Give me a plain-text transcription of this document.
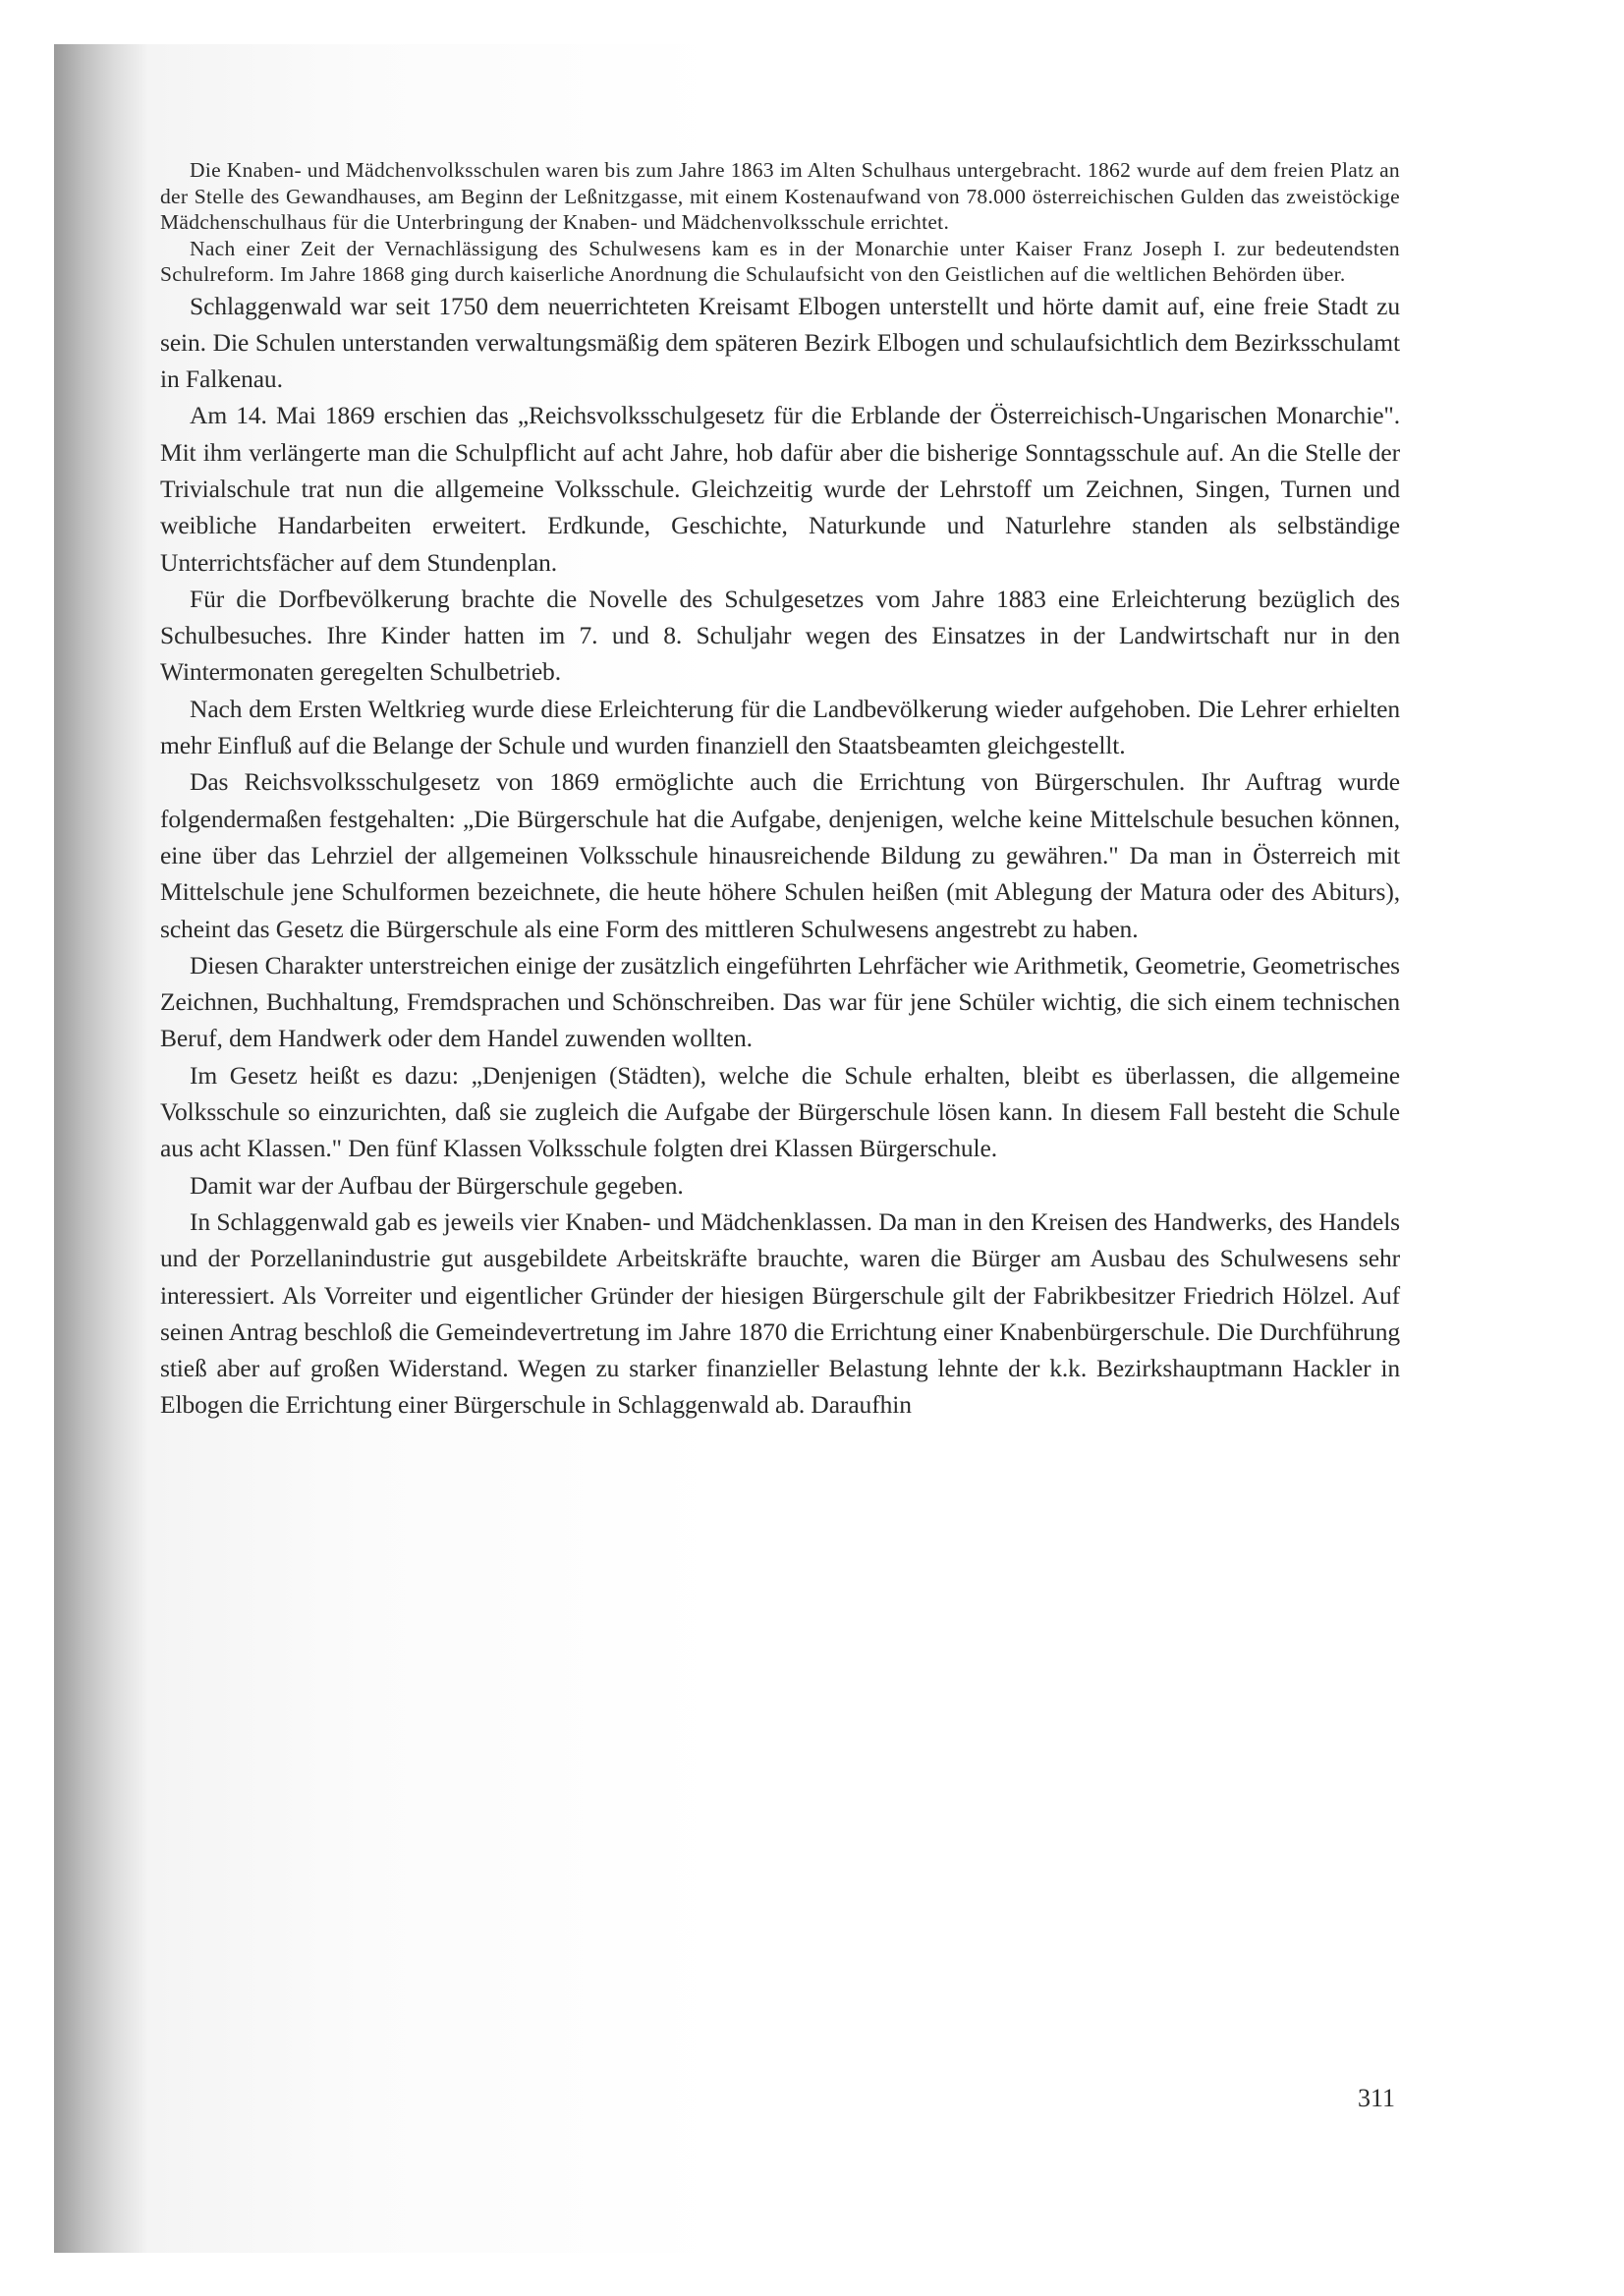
Die Knaben- und Mädchenvolksschulen waren bis zum Jahre 1863 im Alten Schulhaus untergebracht. 1862 wurde auf dem freien Platz an der Stelle des Gewandhauses, am Beginn der Leßnitzgasse, mit einem Kostenaufwand von 78.000 österreichischen Gulden das zweistöckige Mädchenschulhaus für die Unterbringung der Knaben- und Mädchenvolksschule errichtet.

Nach einer Zeit der Vernachlässigung des Schulwesens kam es in der Monarchie unter Kaiser Franz Joseph I. zur bedeutendsten Schulreform. Im Jahre 1868 ging durch kaiserliche Anordnung die Schulaufsicht von den Geistlichen auf die weltlichen Behörden über.

Schlaggenwald war seit 1750 dem neuerrichteten Kreisamt Elbogen unterstellt und hörte damit auf, eine freie Stadt zu sein. Die Schulen unterstanden verwaltungsmäßig dem späteren Bezirk Elbogen und schulaufsichtlich dem Bezirksschulamt in Falkenau.

Am 14. Mai 1869 erschien das „Reichsvolksschulgesetz für die Erblande der Österreichisch-Ungarischen Monarchie". Mit ihm verlängerte man die Schulpflicht auf acht Jahre, hob dafür aber die bisherige Sonntagsschule auf. An die Stelle der Trivialschule trat nun die allgemeine Volksschule. Gleichzeitig wurde der Lehrstoff um Zeichnen, Singen, Turnen und weibliche Handarbeiten erweitert. Erdkunde, Geschichte, Naturkunde und Naturlehre standen als selbständige Unterrichtsfächer auf dem Stundenplan.

Für die Dorfbevölkerung brachte die Novelle des Schulgesetzes vom Jahre 1883 eine Erleichterung bezüglich des Schulbesuches. Ihre Kinder hatten im 7. und 8. Schuljahr wegen des Einsatzes in der Landwirtschaft nur in den Wintermonaten geregelten Schulbetrieb.

Nach dem Ersten Weltkrieg wurde diese Erleichterung für die Landbevölkerung wieder aufgehoben. Die Lehrer erhielten mehr Einfluß auf die Belange der Schule und wurden finanziell den Staatsbeamten gleichgestellt.

Das Reichsvolksschulgesetz von 1869 ermöglichte auch die Errichtung von Bürgerschulen. Ihr Auftrag wurde folgendermaßen festgehalten: „Die Bürgerschule hat die Aufgabe, denjenigen, welche keine Mittelschule besuchen können, eine über das Lehrziel der allgemeinen Volksschule hinausreichende Bildung zu gewähren." Da man in Österreich mit Mittelschule jene Schulformen bezeichnete, die heute höhere Schulen heißen (mit Ablegung der Matura oder des Abiturs), scheint das Gesetz die Bürgerschule als eine Form des mittleren Schulwesens angestrebt zu haben.

Diesen Charakter unterstreichen einige der zusätzlich eingeführten Lehrfächer wie Arithmetik, Geometrie, Geometrisches Zeichnen, Buchhaltung, Fremdsprachen und Schönschreiben. Das war für jene Schüler wichtig, die sich einem technischen Beruf, dem Handwerk oder dem Handel zuwenden wollten.

Im Gesetz heißt es dazu: „Denjenigen (Städten), welche die Schule erhalten, bleibt es überlassen, die allgemeine Volksschule so einzurichten, daß sie zugleich die Aufgabe der Bürgerschule lösen kann. In diesem Fall besteht die Schule aus acht Klassen." Den fünf Klassen Volksschule folgten drei Klassen Bürgerschule.

Damit war der Aufbau der Bürgerschule gegeben.

In Schlaggenwald gab es jeweils vier Knaben- und Mädchenklassen. Da man in den Kreisen des Handwerks, des Handels und der Porzellanindustrie gut ausgebildete Arbeitskräfte brauchte, waren die Bürger am Ausbau des Schulwesens sehr interessiert. Als Vorreiter und eigentlicher Gründer der hiesigen Bürgerschule gilt der Fabrikbesitzer Friedrich Hölzel. Auf seinen Antrag beschloß die Gemeindevertretung im Jahre 1870 die Errichtung einer Knabenbürgerschule. Die Durchführung stieß aber auf großen Widerstand. Wegen zu starker finanzieller Belastung lehnte der k.k. Bezirkshauptmann Hackler in Elbogen die Errichtung einer Bürgerschule in Schlaggenwald ab. Daraufhin

311
